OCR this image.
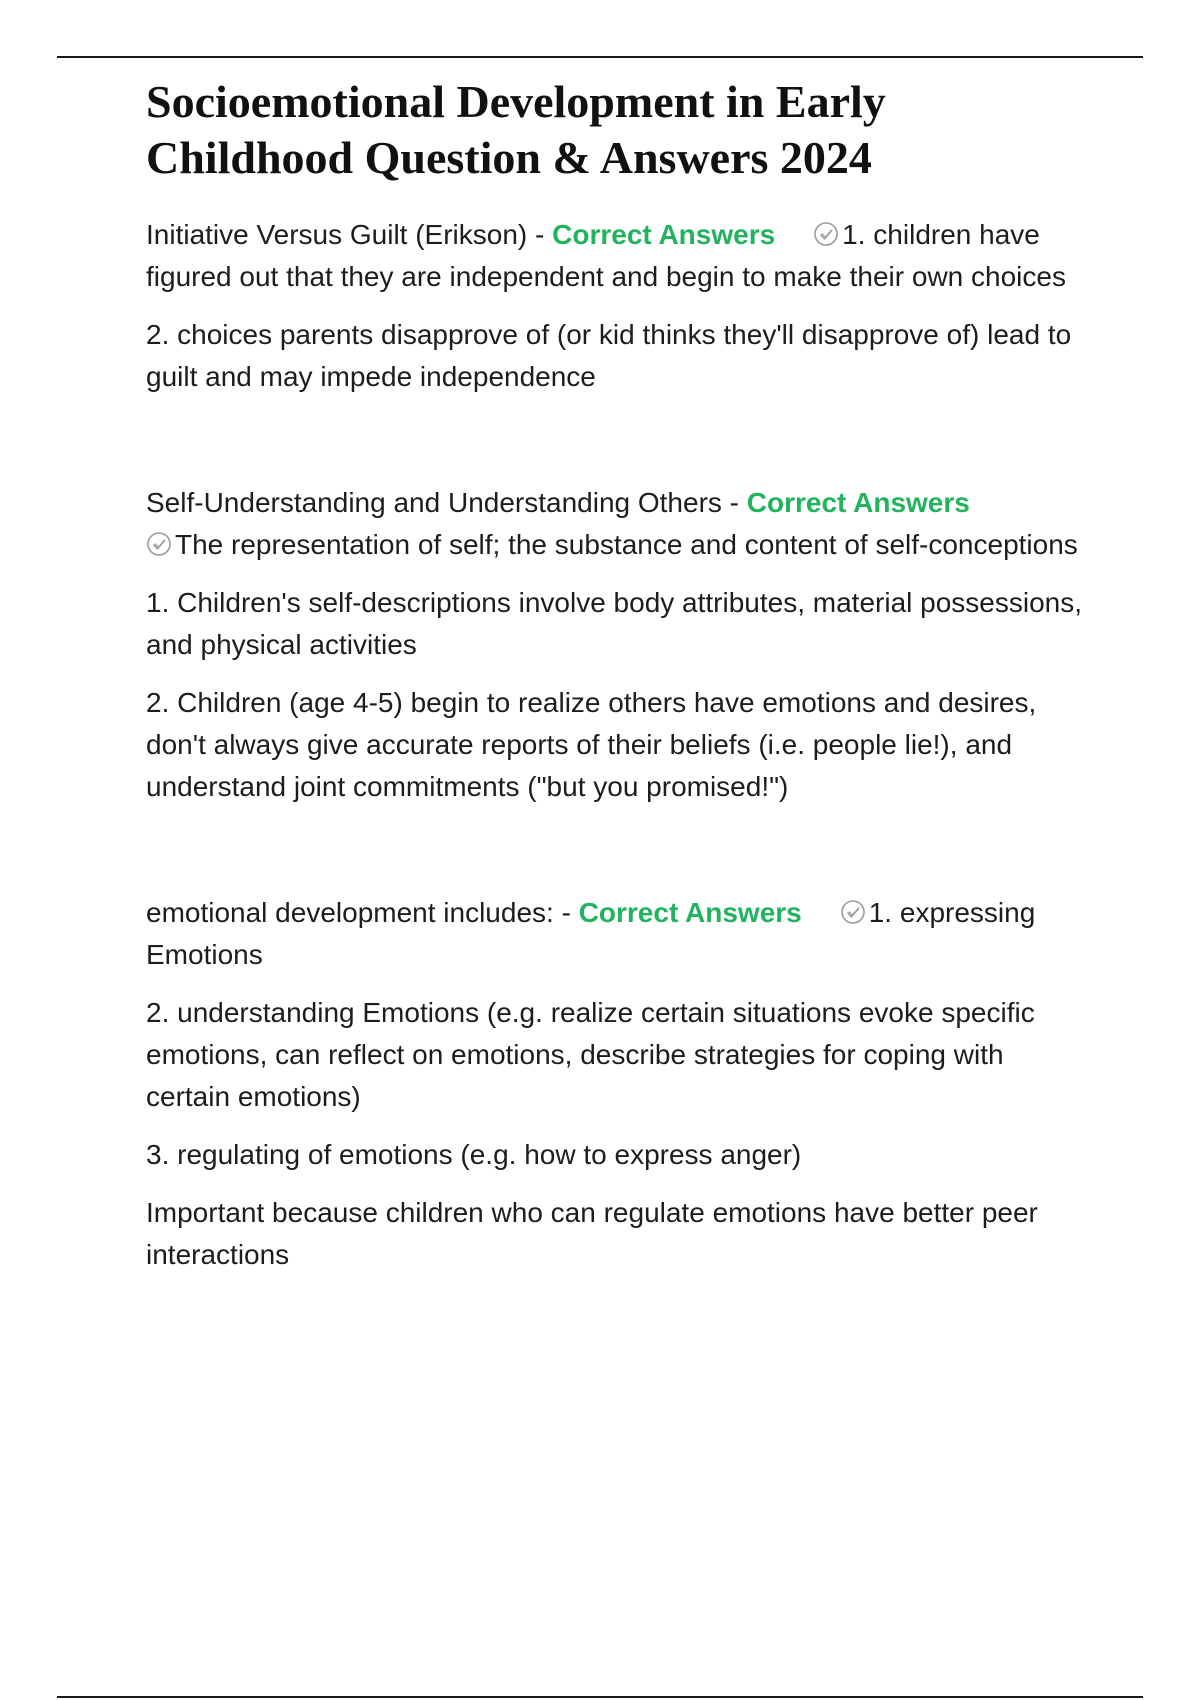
Socioemotional Development in Early Childhood Question & Answers 2024

Initiative Versus Guilt (Erikson) - Correct Answers 1. children have figured out that they are independent and begin to make their own choices

2. choices parents disapprove of (or kid thinks they'll disapprove of) lead to guilt and may impede independence

Self-Understanding and Understanding Others - Correct Answers

The representation of self; the substance and content of self-conceptions

1. Children's self-descriptions involve body attributes, material possessions, and physical activities

2. Children (age 4-5) begin to realize others have emotions and desires, don't always give accurate reports of their beliefs (i.e. people lie!), and understand joint commitments ("but you promised!")

emotional development includes: - Correct Answers 1. expressing Emotions

2. understanding Emotions (e.g. realize certain situations evoke specific emotions, can reflect on emotions, describe strategies for coping with certain emotions)

3. regulating of emotions (e.g. how to express anger)

Important because children who can regulate emotions have better peer interactions
